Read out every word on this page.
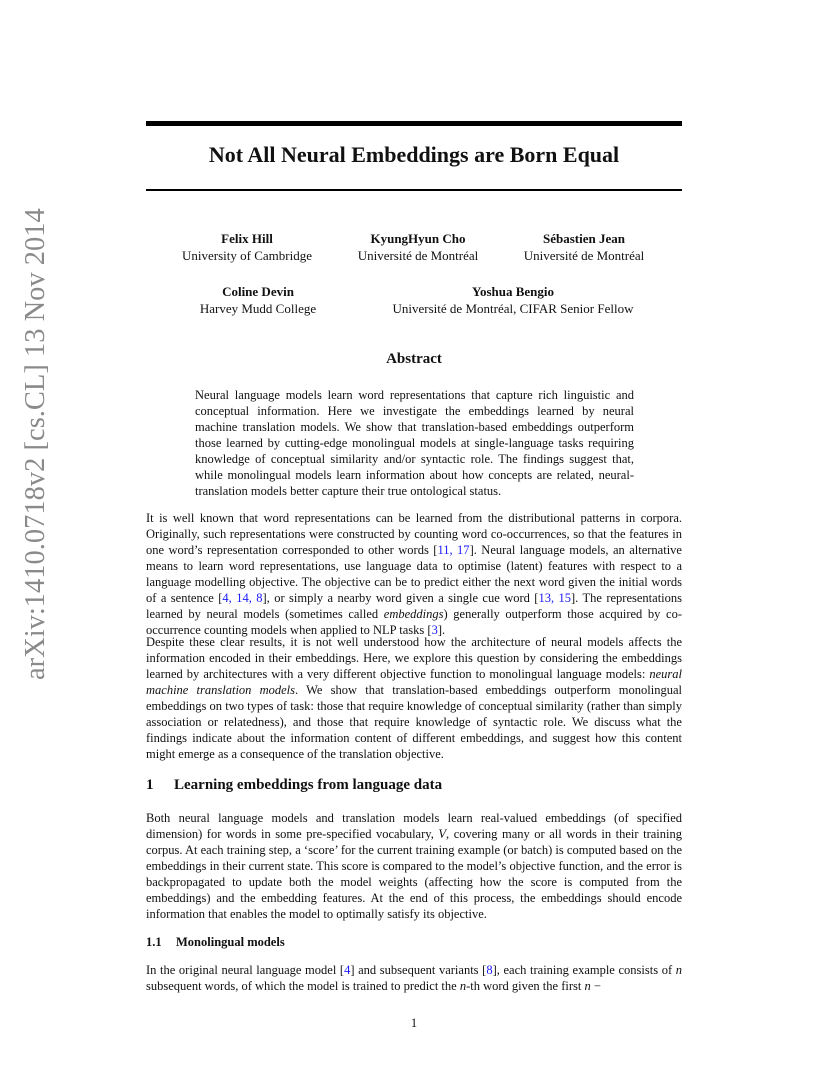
Not All Neural Embeddings are Born Equal
arXiv:1410.0718v2 [cs.CL] 13 Nov 2014	Felix Hill
University of Cambridge
KyungHyun Cho
Université de Montréal
Sébastien Jean
Université de Montréal
Coline Devin
Harvey Mudd College
Yoshua Bengio
Université de Montréal, CIFAR Senior Fellow
Abstract
Neural language models learn word representations that capture rich linguistic and conceptual information. Here we investigate the embeddings learned by neural machine translation models. We show that translation-based embeddings outperform those learned by cutting-edge monolingual models at single-language tasks requiring knowledge of conceptual similarity and/or syntactic role. The findings suggest that, while monolingual models learn information about how concepts are related, neural-translation models better capture their true ontological status.

It is well known that word representations can be learned from the distributional patterns in corpora. Originally, such representations were constructed by counting word co-occurrences, so that the features in one word’s representation corresponded to other words [11, 17]. Neural language models, an alternative means to learn word representations, use language data to optimise (latent) features with respect to a language modelling objective. The objective can be to predict either the next word given the initial words of a sentence [4, 14, 8], or simply a nearby word given a single cue word [13, 15]. The representations learned by neural models (sometimes called embeddings) generally outperform those acquired by co-occurrence counting models when applied to NLP tasks [3].

Despite these clear results, it is not well understood how the architecture of neural models affects the information encoded in their embeddings. Here, we explore this question by considering the embeddings learned by architectures with a very different objective function to monolingual language models: neural machine translation models. We show that translation-based embeddings outperform monolingual embeddings on two types of task: those that require knowledge of conceptual similarity (rather than simply association or relatedness), and those that require knowledge of syntactic role. We discuss what the findings indicate about the information content of different embeddings, and suggest how this content might emerge as a consequence of the translation objective.

1 Learning embeddings from language data

Both neural language models and translation models learn real-valued embeddings (of specified dimension) for words in some pre-specified vocabulary, V, covering many or all words in their training corpus. At each training step, a ‘score’ for the current training example (or batch) is computed based on the embeddings in their current state. This score is compared to the model’s objective function, and the error is backpropagated to update both the model weights (affecting how the score is computed from the embeddings) and the embedding features. At the end of this process, the embeddings should encode information that enables the model to optimally satisfy its objective.

1.1 Monolingual models

In the original neural language model [4] and subsequent variants [8], each training example consists of n subsequent words, of which the model is trained to predict the n-th word given the first n −

1
